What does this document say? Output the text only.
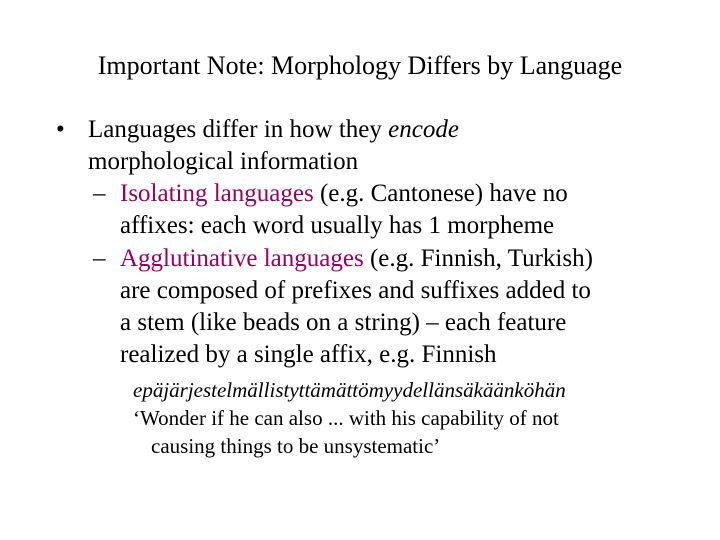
Important Note: Morphology Differs by Language
• Languages differ in how they encode
morphological information
– Isolating languages (e.g. Cantonese) have no
affixes: each word usually has 1 morpheme
– Agglutinative languages (e.g. Finnish, Turkish)
are composed of prefixes and suffixes added to
a stem (like beads on a string) – each feature
realized by a single affix, e.g. Finnish
epäjärjestelmällistyttämättömyydellänsäkäänköhän
‘Wonder if he can also ... with his capability of not
causing things to be unsystematic’
